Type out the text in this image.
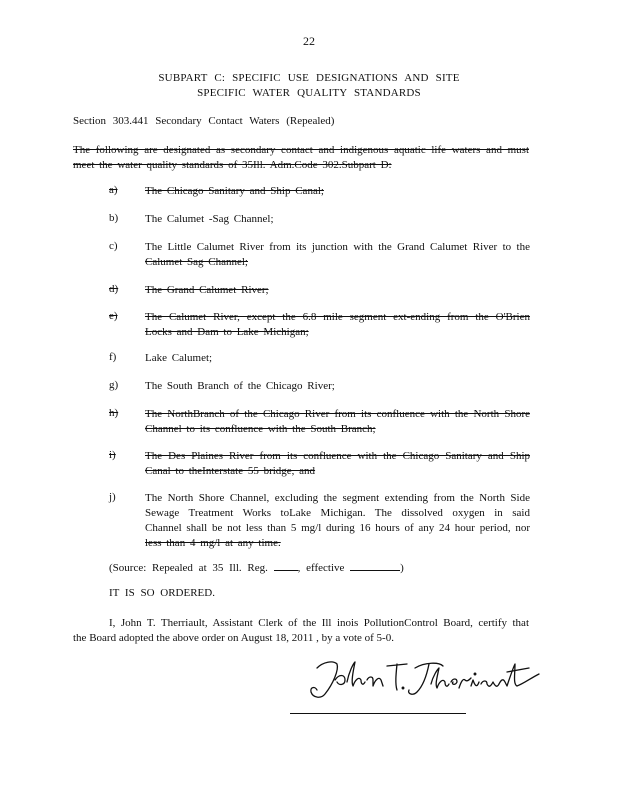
22
SUBPART C: SPECIFIC USE DESIGNATIONS AND SITE
SPECIFIC WATER QUALITY STANDARDS
Section 303.441 Secondary Contact Waters (Repealed)
The following are designated as secondary contact and indigenous aquatic life waters and must
meet the water quality standards of 35Ill. Adm.Code 302.Subpart D:
a) The Chicago Sanitary and Ship Canal;
b) The Calumet -Sag Channel;
c) The Little Calumet River from its junction with the Grand Calumet River to the
Calumet Sag Channel;
d) The Grand Calumet River;
e) The Calumet River, except the 6.8 mile segment ext-ending from the O'Brien
Locks and Dam to Lake Michigan;
f)	Lake Calumet;
g) The South Branch of the Chicago River;
h) The NorthBranch of the Chicago River from its confluence with the North Shore
Channel to its confluence with the South Branch;
i)	The Des Plaines River from its confluence with the Chicago Sanitary and Ship
Canal to theInterstate 55 bridge, and
j)	The North Shore Channel, excluding the segment extending from the North Side
Sewage Treatment Works toLake Michigan. The dissolved oxygen in said
Channel shall be not less than 5 mg/l during 16 hours of any 24 hour period, nor
less than 4 mg/l at any time.
(Source: Repealed at 35 Ill. Reg.	, effective	)
IT IS SO ORDERED.
I, John T. Therriault, Assistant Clerk of the Ill inois PollutionControl Board, certify that
the Board adopted the above order on August 18, 2011 , by a vote of 5-0.
